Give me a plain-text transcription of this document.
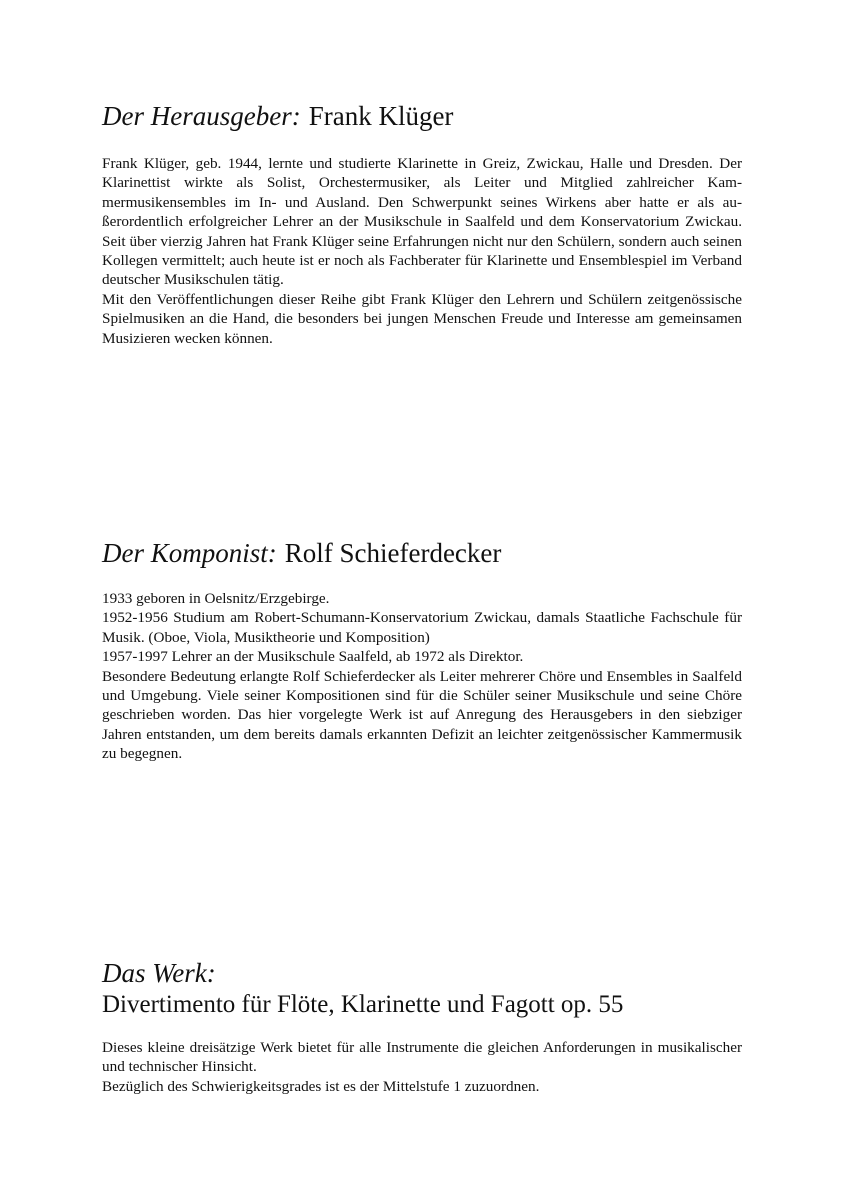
Der Herausgeber: Frank Klüger

Frank Klüger, geb. 1944, lernte und studierte Klarinette in Greiz, Zwickau, Halle und Dresden. Der Klarinettist wirkte als Solist, Orchestermusiker, als Leiter und Mitglied zahlreicher Kammermusikensembles im In- und Ausland. Den Schwerpunkt seines Wirkens aber hatte er als außerordentlich erfolgreicher Lehrer an der Musikschule in Saalfeld und dem Konservatorium Zwickau. Seit über vierzig Jahren hat Frank Klüger seine Erfahrungen nicht nur den Schülern, sondern auch seinen Kollegen vermittelt; auch heute ist er noch als Fachberater für Klarinette und Ensemblespiel im Verband deutscher Musikschulen tätig.

Mit den Veröffentlichungen dieser Reihe gibt Frank Klüger den Lehrern und Schülern zeitgenössische Spielmusiken an die Hand, die besonders bei jungen Menschen Freude und Interesse am gemeinsamen Musizieren wecken können.

Der Komponist: Rolf Schieferdecker

1933 geboren in Oelsnitz/Erzgebirge.

1952-1956 Studium am Robert-Schumann-Konservatorium Zwickau, damals Staatliche Fachschule für Musik. (Oboe, Viola, Musiktheorie und Komposition)

1957-1997 Lehrer an der Musikschule Saalfeld, ab 1972 als Direktor.

Besondere Bedeutung erlangte Rolf Schieferdecker als Leiter mehrerer Chöre und Ensembles in Saalfeld und Umgebung. Viele seiner Kompositionen sind für die Schüler seiner Musikschule und seine Chöre geschrieben worden. Das hier vorgelegte Werk ist auf Anregung des Herausgebers in den siebziger Jahren entstanden, um dem bereits damals erkannten Defizit an leichter zeitgenössischer Kammermusik zu begegnen.

Das Werk:
Divertimento für Flöte, Klarinette und Fagott op. 55

Dieses kleine dreisätzige Werk bietet für alle Instrumente die gleichen Anforderungen in musikalischer und technischer Hinsicht.

Bezüglich des Schwierigkeitsgrades ist es der Mittelstufe 1 zuzuordnen.
